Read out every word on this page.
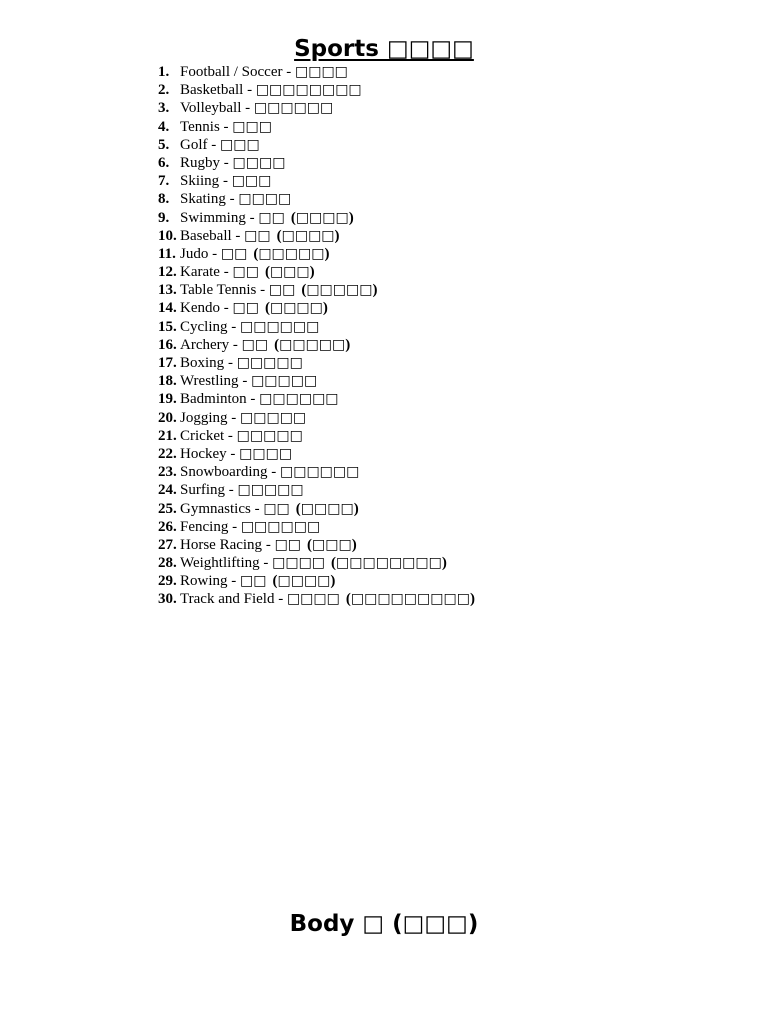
Sports □□□□
1. Football / Soccer - □□□□
2. Basketball - □□□□□□□□
3. Volleyball - □□□□□□
4. Tennis - □□□
5. Golf - □□□
6. Rugby - □□□□
7. Skiing - □□□
8. Skating - □□□□
9. Swimming - □□ (□□□□)
10. Baseball - □□ (□□□□)
11. Judo - □□ (□□□□□)
12. Karate - □□ (□□□)
13. Table Tennis - □□ (□□□□□)
14. Kendo - □□ (□□□□)
15. Cycling - □□□□□□
16. Archery - □□ (□□□□□)
17. Boxing - □□□□□
18. Wrestling - □□□□□
19. Badminton - □□□□□□
20. Jogging - □□□□□
21. Cricket - □□□□□
22. Hockey - □□□□
23. Snowboarding - □□□□□□
24. Surfing - □□□□□
25. Gymnastics - □□ (□□□□)
26. Fencing - □□□□□□
27. Horse Racing - □□ (□□□)
28. Weightlifting - □□□□ (□□□□□□□□)
29. Rowing - □□ (□□□□)
30. Track and Field - □□□□ (□□□□□□□□□)
Body □ (□□□)
